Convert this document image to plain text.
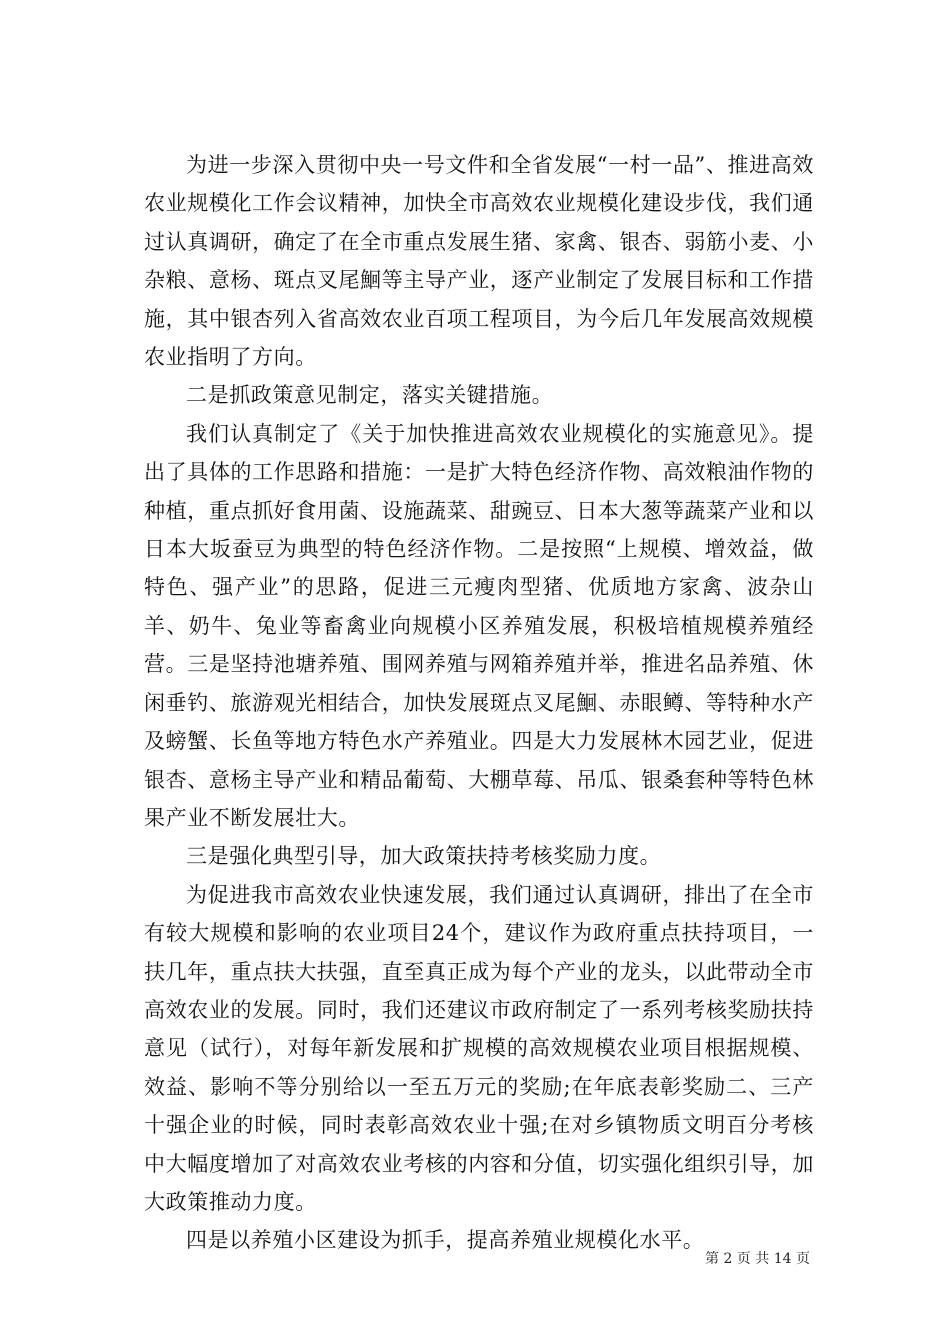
为进一步深入贯彻中央一号文件和全省发展“一村一品”、推进高效农业规模化工作会议精神，加快全市高效农业规模化建设步伐，我们通过认真调研，确定了在全市重点发展生猪、家禽、银杏、弱筋小麦、小杂粮、意杨、斑点叉尾鮰等主导产业，逐产业制定了发展目标和工作措施，其中银杏列入省高效农业百项工程项目，为今后几年发展高效规模农业指明了方向。

二是抓政策意见制定，落实关键措施。

我们认真制定了《关于加快推进高效农业规模化的实施意见》。提出了具体的工作思路和措施：一是扩大特色经济作物、高效粮油作物的种植，重点抓好食用菌、设施蔬菜、甜豌豆、日本大葱等蔬菜产业和以日本大坂蚕豆为典型的特色经济作物。二是按照“上规模、增效益，做特色、强产业”的思路，促进三元瘦肉型猪、优质地方家禽、波杂山羊、奶牛、兔业等畜禽业向规模小区养殖发展，积极培植规模养殖经营。三是坚持池塘养殖、围网养殖与网箱养殖并举，推进名品养殖、休闲垂钓、旅游观光相结合，加快发展斑点叉尾鮰、赤眼鳟、等特种水产及螃蟹、长鱼等地方特色水产养殖业。四是大力发展林木园艺业，促进银杏、意杨主导产业和精品葡萄、大棚草莓、吊瓜、银桑套种等特色林果产业不断发展壮大。

三是强化典型引导，加大政策扶持考核奖励力度。

为促进我市高效农业快速发展，我们通过认真调研，排出了在全市有较大规模和影响的农业项目24个，建议作为政府重点扶持项目，一扶几年，重点扶大扶强，直至真正成为每个产业的龙头，以此带动全市高效农业的发展。同时，我们还建议市政府制定了一系列考核奖励扶持意见（试行），对每年新发展和扩规模的高效规模农业项目根据规模、效益、影响不等分别给以一至五万元的奖励;在年底表彰奖励二、三产十强企业的时候，同时表彰高效农业十强;在对乡镇物质文明百分考核中大幅度增加了对高效农业考核的内容和分值，切实强化组织引导，加大政策推动力度。

四是以养殖小区建设为抓手，提高养殖业规模化水平。

第 2 页 共 14 页
